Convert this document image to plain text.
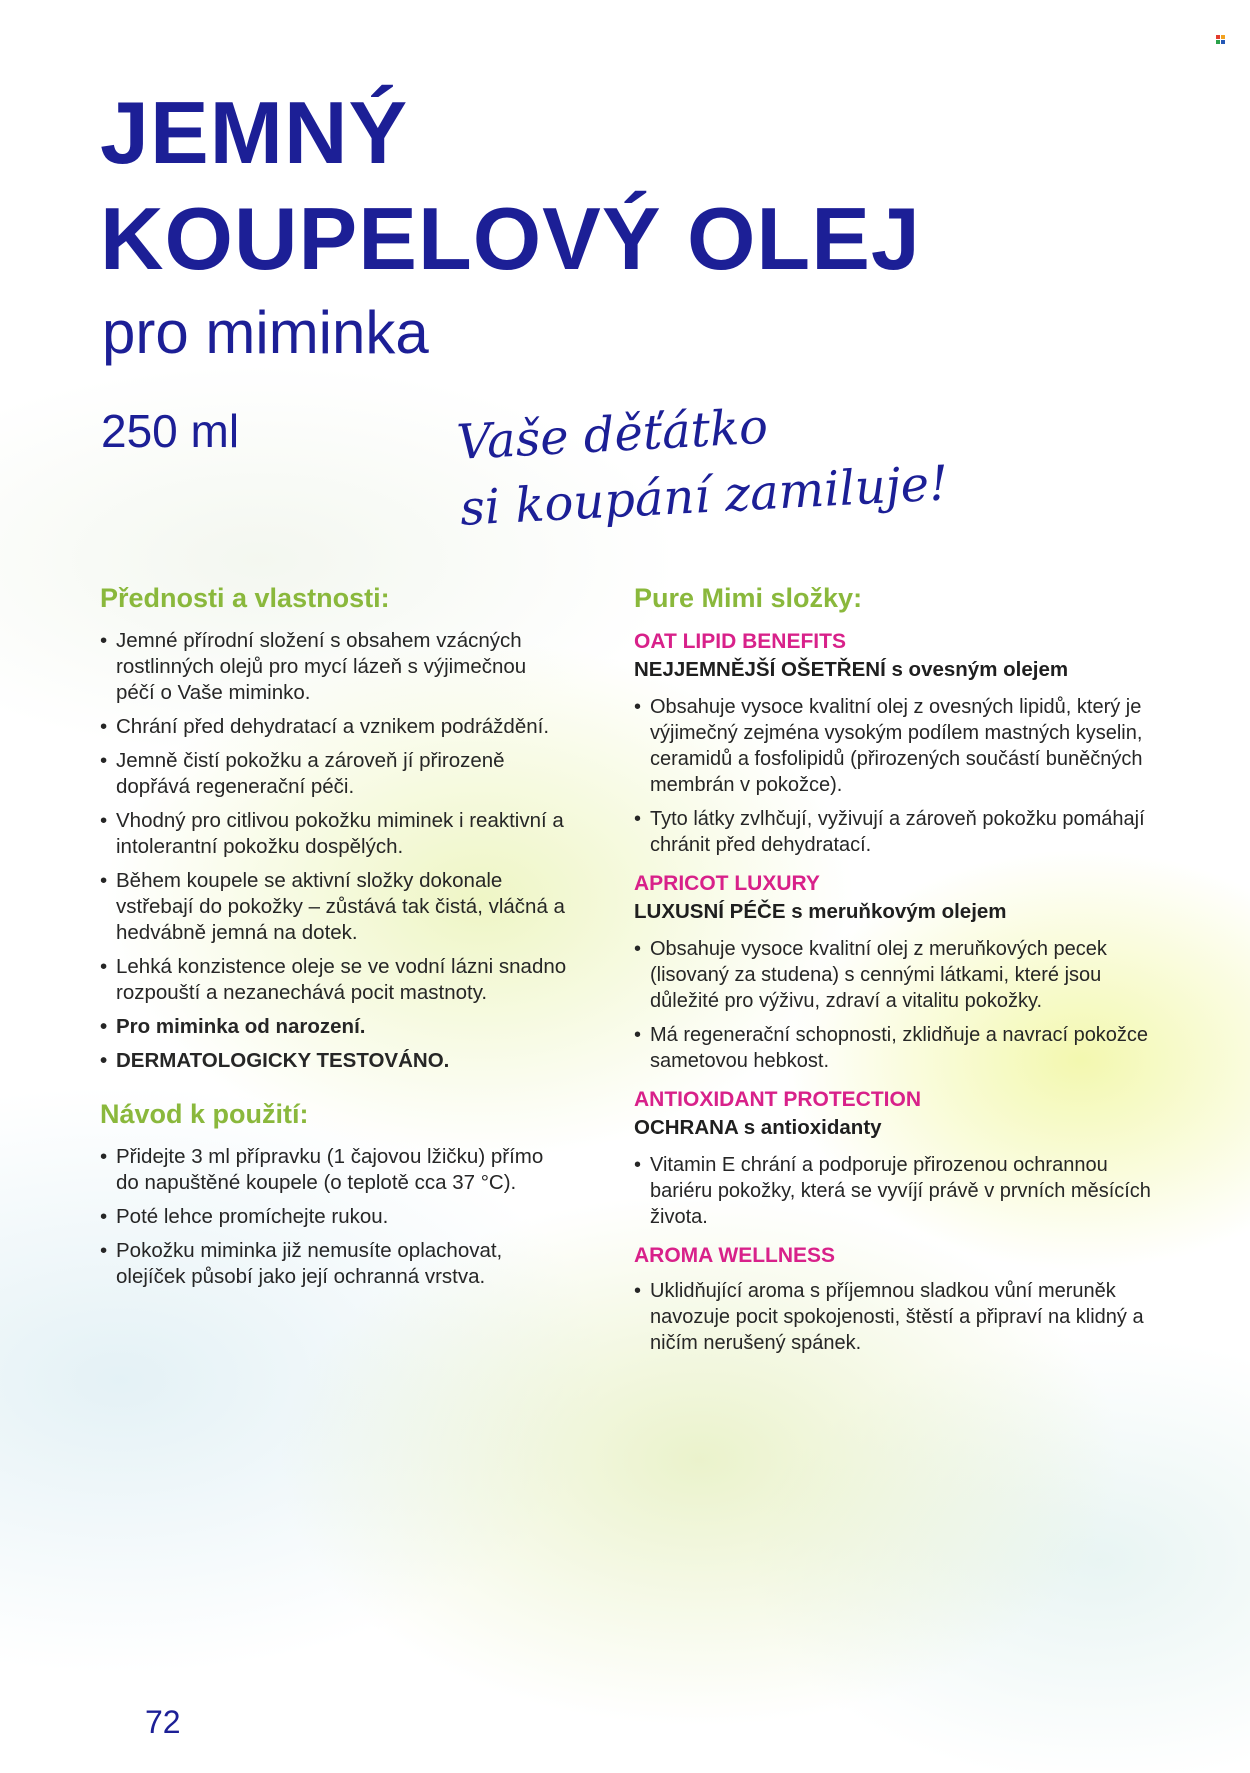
JEMNÝ
KOUPELOVÝ OLEJ
pro miminka
250 ml	Vaše děťátko
si koupání zamiluje!
Přednosti a vlastnosti:
• Jemné přírodní složení s obsahem vzácných rostlinných olejů pro mycí lázeň s výjimečnou péčí o Vaše miminko.
• Chrání před dehydratací a vznikem podráždění.
• Jemně čistí pokožku a zároveň jí přirozeně dopřává regenerační péči.
• Vhodný pro citlivou pokožku miminek i reaktivní a intolerantní pokožku dospělých.
• Během koupele se aktivní složky dokonale vstřebají do pokožky – zůstává tak čistá, vláčná a hedvábně jemná na dotek.
• Lehká konzistence oleje se ve vodní lázni snadno rozpouští a nezanechává pocit mastnoty.
• Pro miminka od narození.
• DERMATOLOGICKY TESTOVÁNO.
Návod k použití:
• Přidejte 3 ml přípravku (1 čajovou lžičku) přímo do napuštěné koupele (o teplotě cca 37 °C).
• Poté lehce promíchejte rukou.
• Pokožku miminka již nemusíte oplachovat, olejíček působí jako její ochranná vrstva.
Pure Mimi složky:

OAT LIPID BENEFITS

NEJJEMNĚJŠÍ OŠETŘENÍ s ovesným olejem

• Obsahuje vysoce kvalitní olej z ovesných lipidů, který je výjimečný zejména vysokým podílem mastných kyselin, ceramidů a fosfolipidů (přirozených součástí buněčných membrán v pokožce).
• Tyto látky zvlhčují, vyživují a zároveň pokožku pomáhají chránit před dehydratací.

APRICOT LUXURY

LUXUSNÍ PÉČE s meruňkovým olejem

• Obsahuje vysoce kvalitní olej z meruňkových pecek (lisovaný za studena) s cennými látkami, které jsou důležité pro výživu, zdraví a vitalitu pokožky.
• Má regenerační schopnosti, zklidňuje a navrací pokožce sametovou hebkost.

ANTIOXIDANT PROTECTION

OCHRANA s antioxidanty

• Vitamin E chrání a podporuje přirozenou ochrannou bariéru pokožky, která se vyvíjí právě v prvních měsících života.

AROMA WELLNESS

• Uklidňující aroma s příjemnou sladkou vůní meruněk navozuje pocit spokojenosti, štěstí a připraví na klidný a ničím nerušený spánek.
72
